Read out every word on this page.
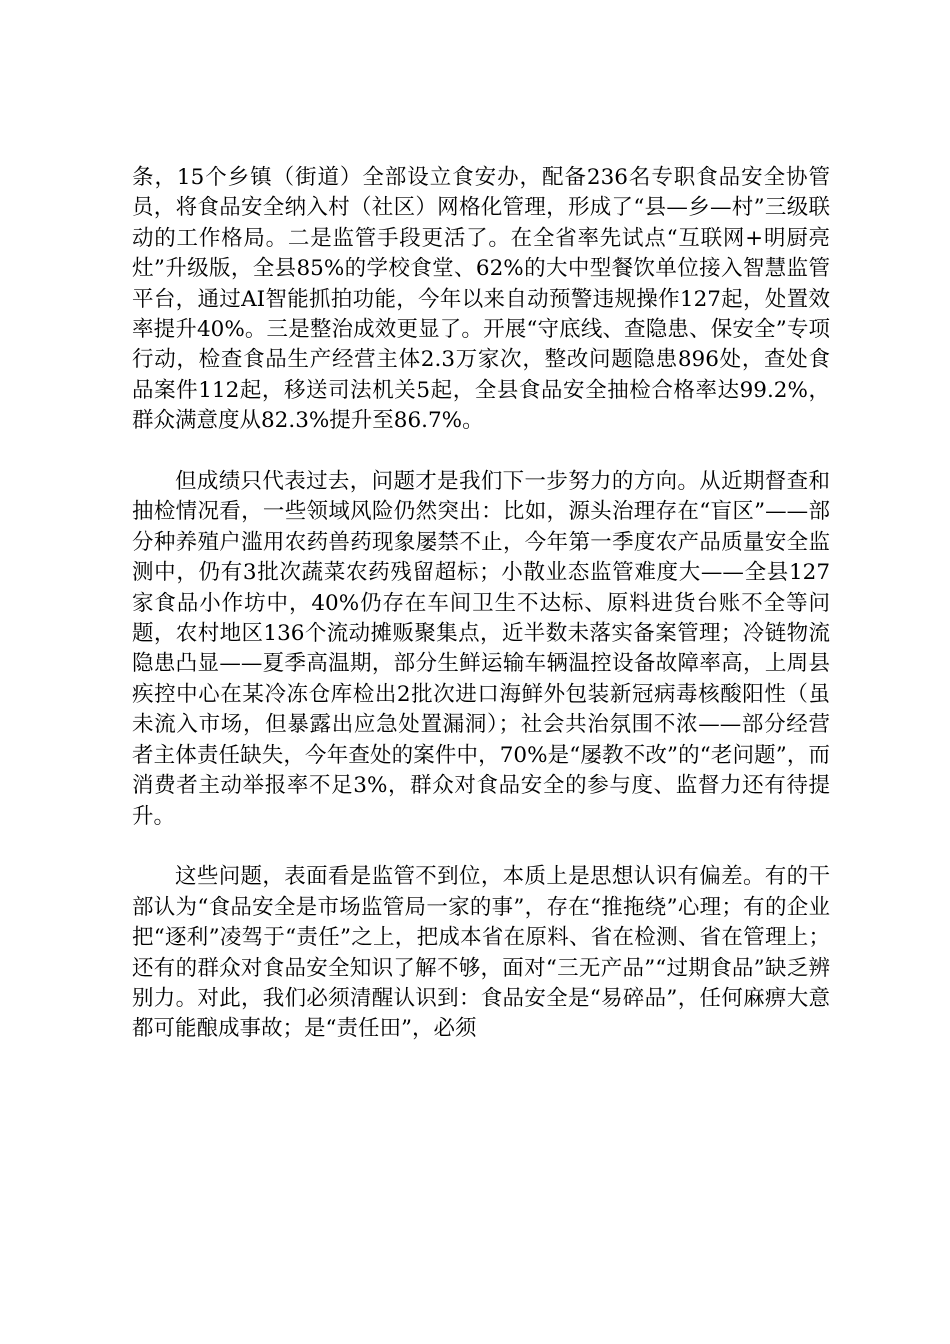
条，15个乡镇（街道）全部设立食安办，配备236名专职食品安全协管员，将食品安全纳入村（社区）网格化管理，形成了“县—乡—村”三级联动的工作格局。二是监管手段更活了。在全省率先试点“互联网+明厨亮灶”升级版，全县85%的学校食堂、62%的大中型餐饮单位接入智慧监管平台，通过AI智能抓拍功能，今年以来自动预警违规操作127起，处置效率提升40%。三是整治成效更显了。开展“守底线、查隐患、保安全”专项行动，检查食品生产经营主体2.3万家次，整改问题隐患896处，查处食品案件112起，移送司法机关5起，全县食品安全抽检合格率达99.2%，群众满意度从82.3%提升至86.7%。

但成绩只代表过去，问题才是我们下一步努力的方向。从近期督查和抽检情况看，一些领域风险仍然突出：比如，源头治理存在“盲区”——部分种养殖户滥用农药兽药现象屡禁不止，今年第一季度农产品质量安全监测中，仍有3批次蔬菜农药残留超标；小散业态监管难度大——全县127家食品小作坊中，40%仍存在车间卫生不达标、原料进货台账不全等问题，农村地区136个流动摊贩聚集点，近半数未落实备案管理；冷链物流隐患凸显——夏季高温期，部分生鲜运输车辆温控设备故障率高，上周县疾控中心在某冷冻仓库检出2批次进口海鲜外包装新冠病毒核酸阳性（虽未流入市场，但暴露出应急处置漏洞）；社会共治氛围不浓——部分经营者主体责任缺失，今年查处的案件中，70%是“屡教不改”的“老问题”，而消费者主动举报率不足3%，群众对食品安全的参与度、监督力还有待提升。

这些问题，表面看是监管不到位，本质上是思想认识有偏差。有的干部认为“食品安全是市场监管局一家的事”，存在“推拖绕”心理；有的企业把“逐利”凌驾于“责任”之上，把成本省在原料、省在检测、省在管理上；还有的群众对食品安全知识了解不够，面对“三无产品”“过期食品”缺乏辨别力。对此，我们必须清醒认识到：食品安全是“易碎品”，任何麻痹大意都可能酿成事故；是“责任田”，必须
